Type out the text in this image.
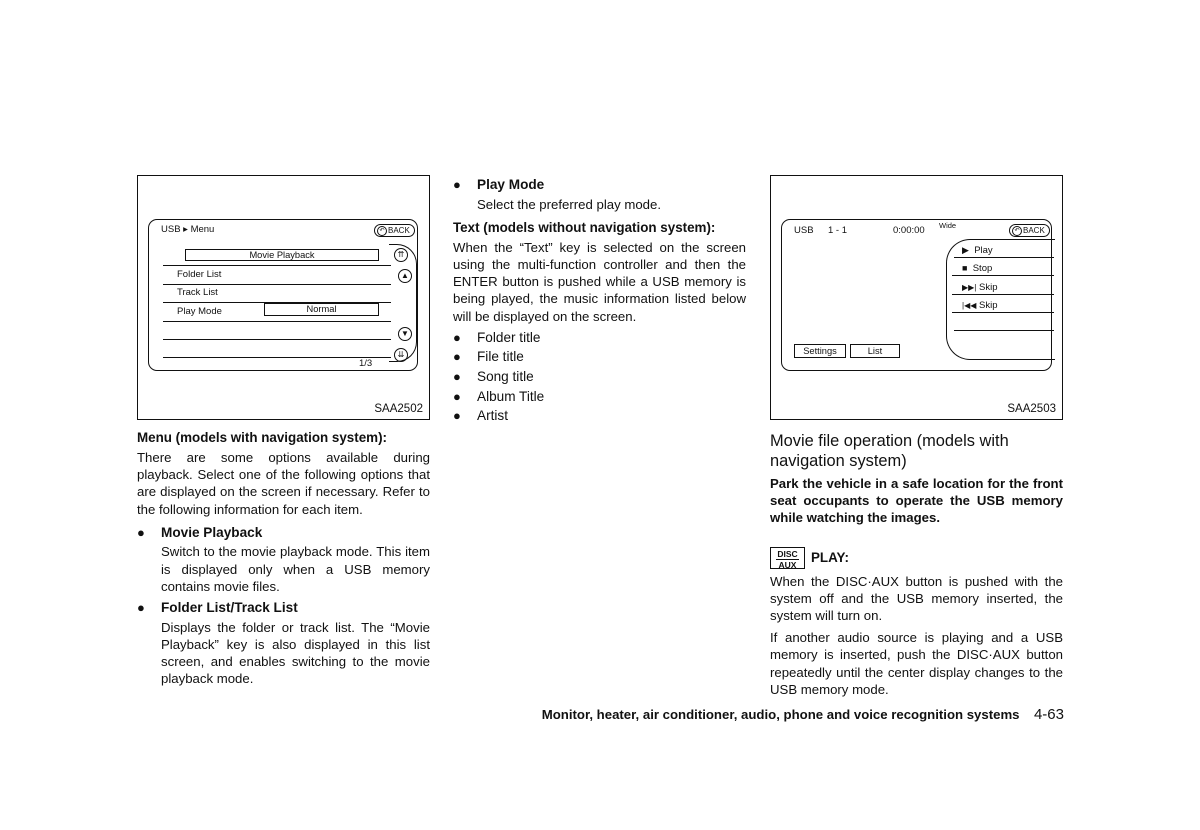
USB ▸ Menu	↶ BACK
Movie Playback
Folder List
Track List
Play Mode	Normal
1/3
⇈
▲
▼
⇊
SAA2502

Menu (models with navigation system):

There are some options available during playback. Select one of the following options that are displayed on the screen if necessary. Refer to the following information for each item.

● Movie Playback

Switch to the movie playback mode. This item is displayed only when a USB memory contains movie files.

● Folder List/Track List

Displays the folder or track list. The “Movie Playback” key is also displayed in this list screen, and enables switching to the movie playback mode.

● Play Mode

Select the preferred play mode.

Text (models without navigation system):

When the “Text” key is selected on the screen using the multi-function controller and then the ENTER button is pushed while a USB memory is being played, the music information listed below will be displayed on the screen.

● Folder title
● File title
● Song title
● Album Title
● Artist
USB 1 - 1	0:00:00 Wide
↶ BACK
▶ Play
■ Stop
▶▶| Skip
|◀◀ Skip
Settings	List
SAA2503

Movie file operation (models with navigation system)

Park the vehicle in a safe location for the front seat occupants to operate the USB memory while watching the images.

DISC
AUX PLAY:

When the DISC·AUX button is pushed with the system off and the USB memory inserted, the system will turn on.

If another audio source is playing and a USB memory is inserted, push the DISC·AUX button repeatedly until the center display changes to the USB memory mode.

Monitor, heater, air conditioner, audio, phone and voice recognition systems 4-63
